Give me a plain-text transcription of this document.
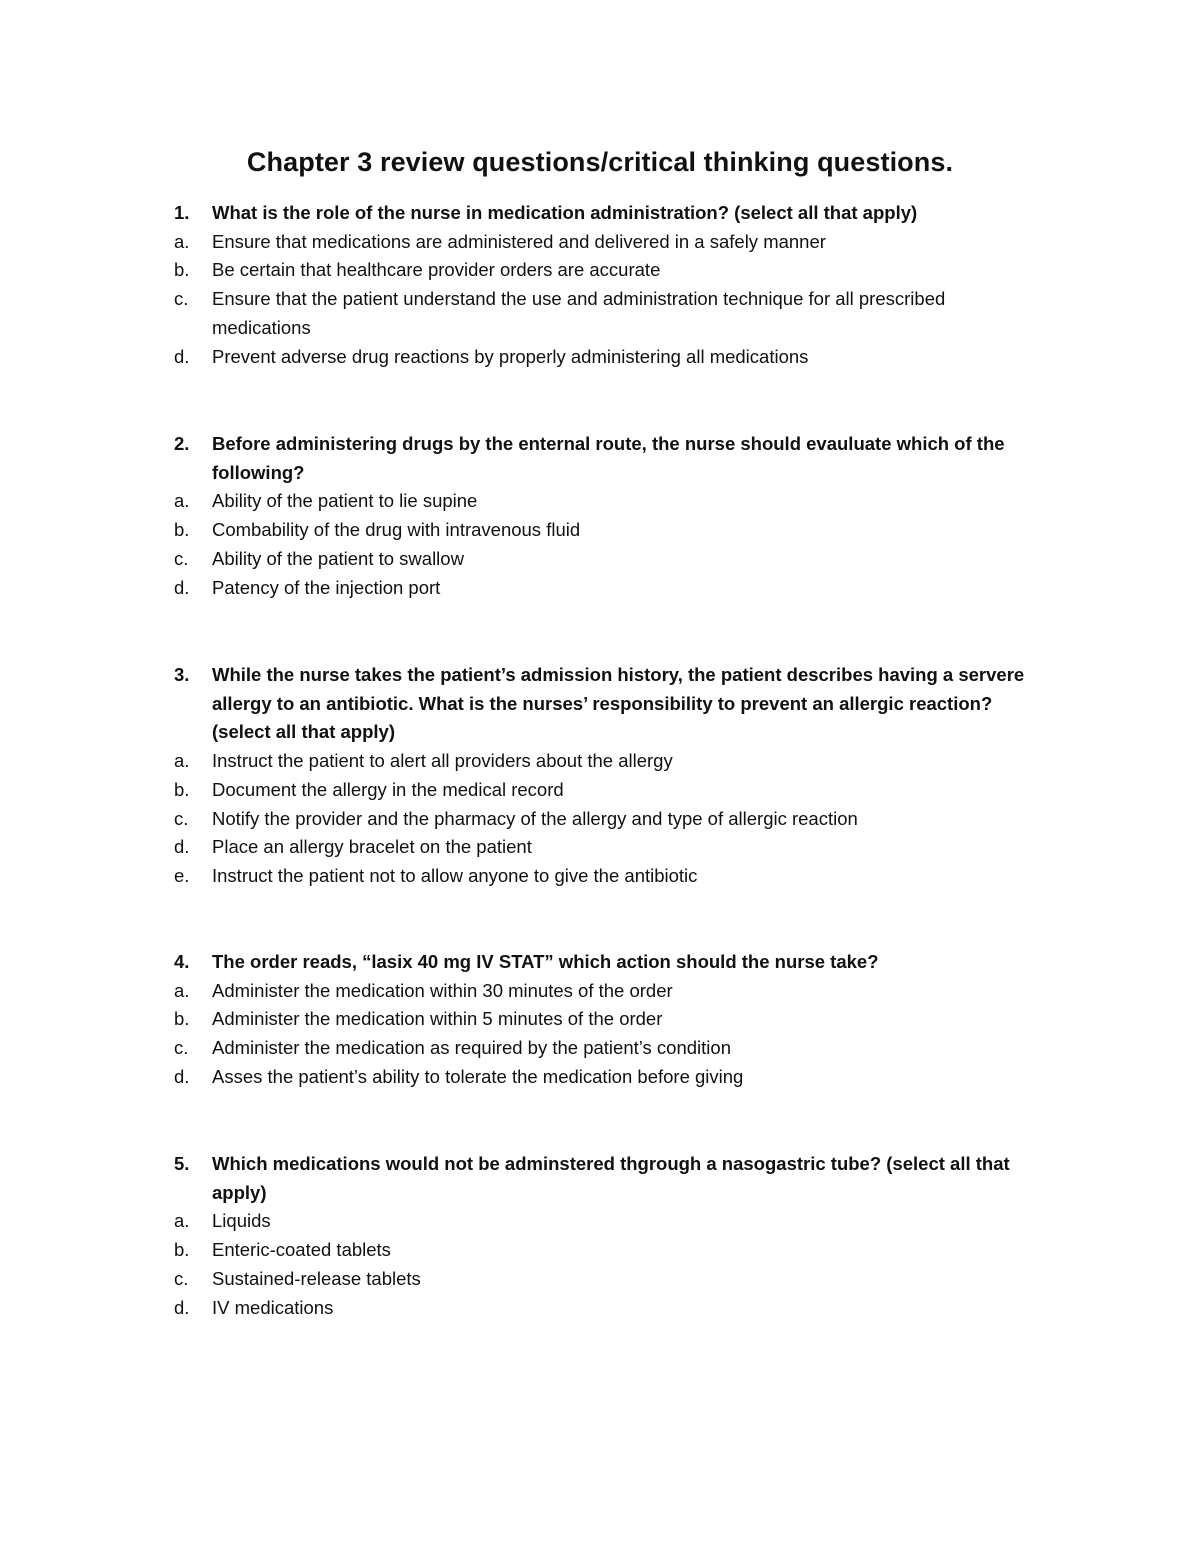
Chapter 3 review questions/critical thinking questions.
1.	What is the role of the nurse in medication administration? (select all that apply)
a.	Ensure that medications are administered and delivered in a safely manner
b.	Be certain that healthcare provider orders are accurate
c.	Ensure that the patient understand the use and administration technique for all prescribed
medications
d.	Prevent adverse drug reactions by properly administering all medications
2.	Before administering drugs by the enternal route, the nurse should evauluate which of the
following?
a.	Ability of the patient to lie supine
b.	Combability of the drug with intravenous fluid
c.	Ability of the patient to swallow
d.	Patency of the injection port
3.	While the nurse takes the patient’s admission history, the patient describes having a servere
allergy to an antibiotic. What is the nurses’ responsibility to prevent an allergic reaction?
(select all that apply)
a.	Instruct the patient to alert all providers about the allergy
b.	Document the allergy in the medical record
c.	Notify the provider and the pharmacy of the allergy and type of allergic reaction
d.	Place an allergy bracelet on the patient
e.	Instruct the patient not to allow anyone to give the antibiotic
4.	The order reads, “lasix 40 mg IV STAT” which action should the nurse take?
a.	Administer the medication within 30 minutes of the order
b.	Administer the medication within 5 minutes of the order
c.	Administer the medication as required by the patient’s condition
d.	Asses the patient’s ability to tolerate the medication before giving
5.	Which medications would not be adminstered thgrough a nasogastric tube? (select all that
apply)
a.	Liquids
b.	Enteric-coated tablets
c.	Sustained-release tablets
d.	IV medications
